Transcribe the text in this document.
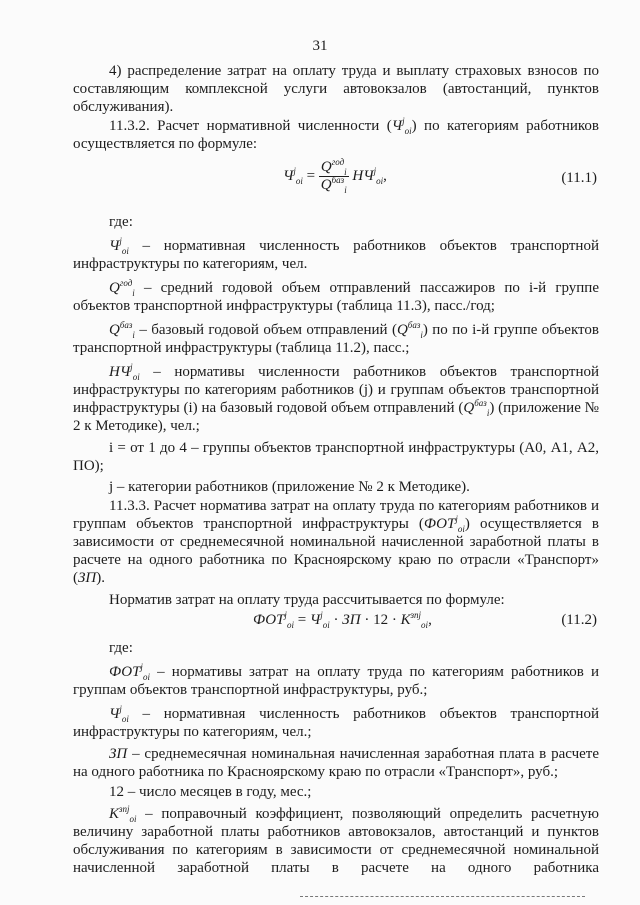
31

4) распределение затрат на оплату труда и выплату страховых взносов по составляющим комплексной услуги автовокзалов (автостанций, пунктов обслуживания).

11.3.2. Расчет нормативной численности $(Ч^j_{oi})$ по категориям работников осуществляется по формуле:

$Ч^j_{oi} = \frac{Q^{год}_i}{Q^{баз}_i} НЧ^j_{oi}$,	(11.1)

где:

$Ч^j_{oi}$ – нормативная численность работников объектов транспортной инфраструктуры по категориям, чел.

$Q^{год}_i$ – средний годовой объем отправлений пассажиров по i-й группе объектов транспортной инфраструктуры (таблица 11.3), пасс./год;

$Q^{баз}_i$ – базовый годовой объем отправлений $(Q^{баз}_i)$ по по i-й группе объектов транспортной инфраструктуры (таблица 11.2), пасс.;

$НЧ^j_{oi}$ – нормативы численности работников объектов транспортной инфраструктуры по категориям работников (j) и группам объектов транспортной инфраструктуры (i) на базовый годовой объем отправлений $(Q^{баз}_i)$ (приложение № 2 к Методике), чел.;

i = от 1 до 4 – группы объектов транспортной инфраструктуры (А0, А1, А2, ПО);

j – категории работников (приложение № 2 к Методике).

11.3.3. Расчет норматива затрат на оплату труда по категориям работников и группам объектов транспортной инфраструктуры $(ФОТ^j_{oi})$ осуществляется в зависимости от среднемесячной номинальной начисленной заработной платы в расчете на одного работника по Красноярскому краю по отрасли «Транспорт» (ЗП).

Норматив затрат на оплату труда рассчитывается по формуле:

$ФОТ^j_{oi} = Ч^j_{oi}$ · ЗП · $12 \cdot К^{зпj}_{oi}$,	(11.2)

где:

$ФОТ^j_{oi}$ – нормативы затрат на оплату труда по категориям работников и группам объектов транспортной инфраструктуры, руб.;

$Ч^j_{oi}$ – нормативная численность работников объектов транспортной инфраструктуры по категориям, чел.;

ЗП – среднемесячная номинальная начисленная заработная плата в расчете на одного работника по Красноярскому краю по отрасли «Транспорт», руб.;

12 – число месяцев в году, мес.;

$К^{зпj}_{oi}$ – поправочный коэффициент, позволяющий определить расчетную величину заработной платы работников автовокзалов, автостанций и пунктов обслуживания по категориям в зависимости от среднемесячной номинальной начисленной заработной платы в расчете на одного работника
